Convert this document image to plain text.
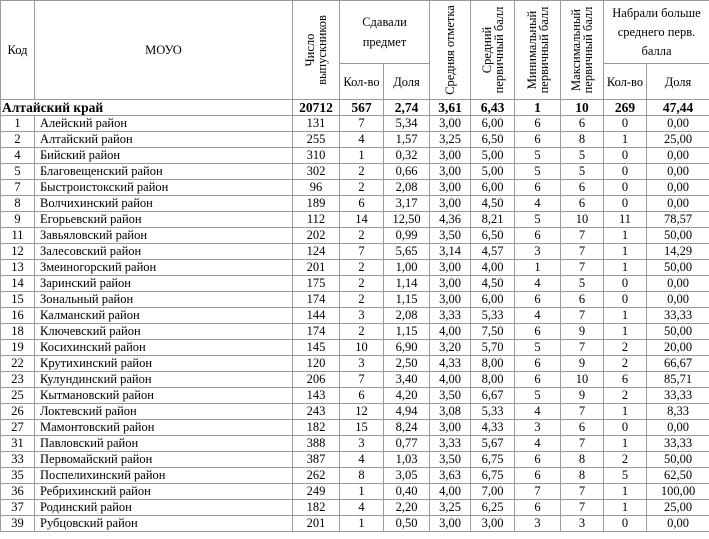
Код	МОУО	Число выпускников	Сдавали предмет		Средняя отметка	Средний первичный балл	Минимальный первичный балл	Максимальный первичный балл	Набрали больше среднего перв. балла	
			Кол-во	Доля					Кол-во	Доля
Алтайский край		20712	567	2,74	3,61	6,43	1	10	269	47,44
1	Алейский район	131	7	5,34	3,00	6,00	6	6	0	0,00
2	Алтайский район	255	4	1,57	3,25	6,50	6	8	1	25,00
4	Бийский район	310	1	0,32	3,00	5,00	5	5	0	0,00
5	Благовещенский район	302	2	0,66	3,00	5,00	5	5	0	0,00
7	Быстроистокский район	96	2	2,08	3,00	6,00	6	6	0	0,00
8	Волчихинский район	189	6	3,17	3,00	4,50	4	6	0	0,00
9	Егорьевский район	112	14	12,50	4,36	8,21	5	10	11	78,57
11	Завьяловский район	202	2	0,99	3,50	6,50	6	7	1	50,00
12	Залесовский район	124	7	5,65	3,14	4,57	3	7	1	14,29
13	Змеиногорский район	201	2	1,00	3,00	4,00	1	7	1	50,00
14	Заринский район	175	2	1,14	3,00	4,50	4	5	0	0,00
15	Зональный район	174	2	1,15	3,00	6,00	6	6	0	0,00
16	Калманский район	144	3	2,08	3,33	5,33	4	7	1	33,33
18	Ключевский район	174	2	1,15	4,00	7,50	6	9	1	50,00
19	Косихинский район	145	10	6,90	3,20	5,70	5	7	2	20,00
22	Крутихинский район	120	3	2,50	4,33	8,00	6	9	2	66,67
23	Кулундинский район	206	7	3,40	4,00	8,00	6	10	6	85,71
25	Кытмановский район	143	6	4,20	3,50	6,67	5	9	2	33,33
26	Локтевский район	243	12	4,94	3,08	5,33	4	7	1	8,33
27	Мамонтовский район	182	15	8,24	3,00	4,33	3	6	0	0,00
31	Павловский район	388	3	0,77	3,33	5,67	4	7	1	33,33
33	Первомайский район	387	4	1,03	3,50	6,75	6	8	2	50,00
35	Поспелихинский район	262	8	3,05	3,63	6,75	6	8	5	62,50
36	Ребрихинский район	249	1	0,40	4,00	7,00	7	7	1	100,00
37	Родинский район	182	4	2,20	3,25	6,25	6	7	1	25,00
39	Рубцовский район	201	1	0,50	3,00	3,00	3	3	0	0,00
